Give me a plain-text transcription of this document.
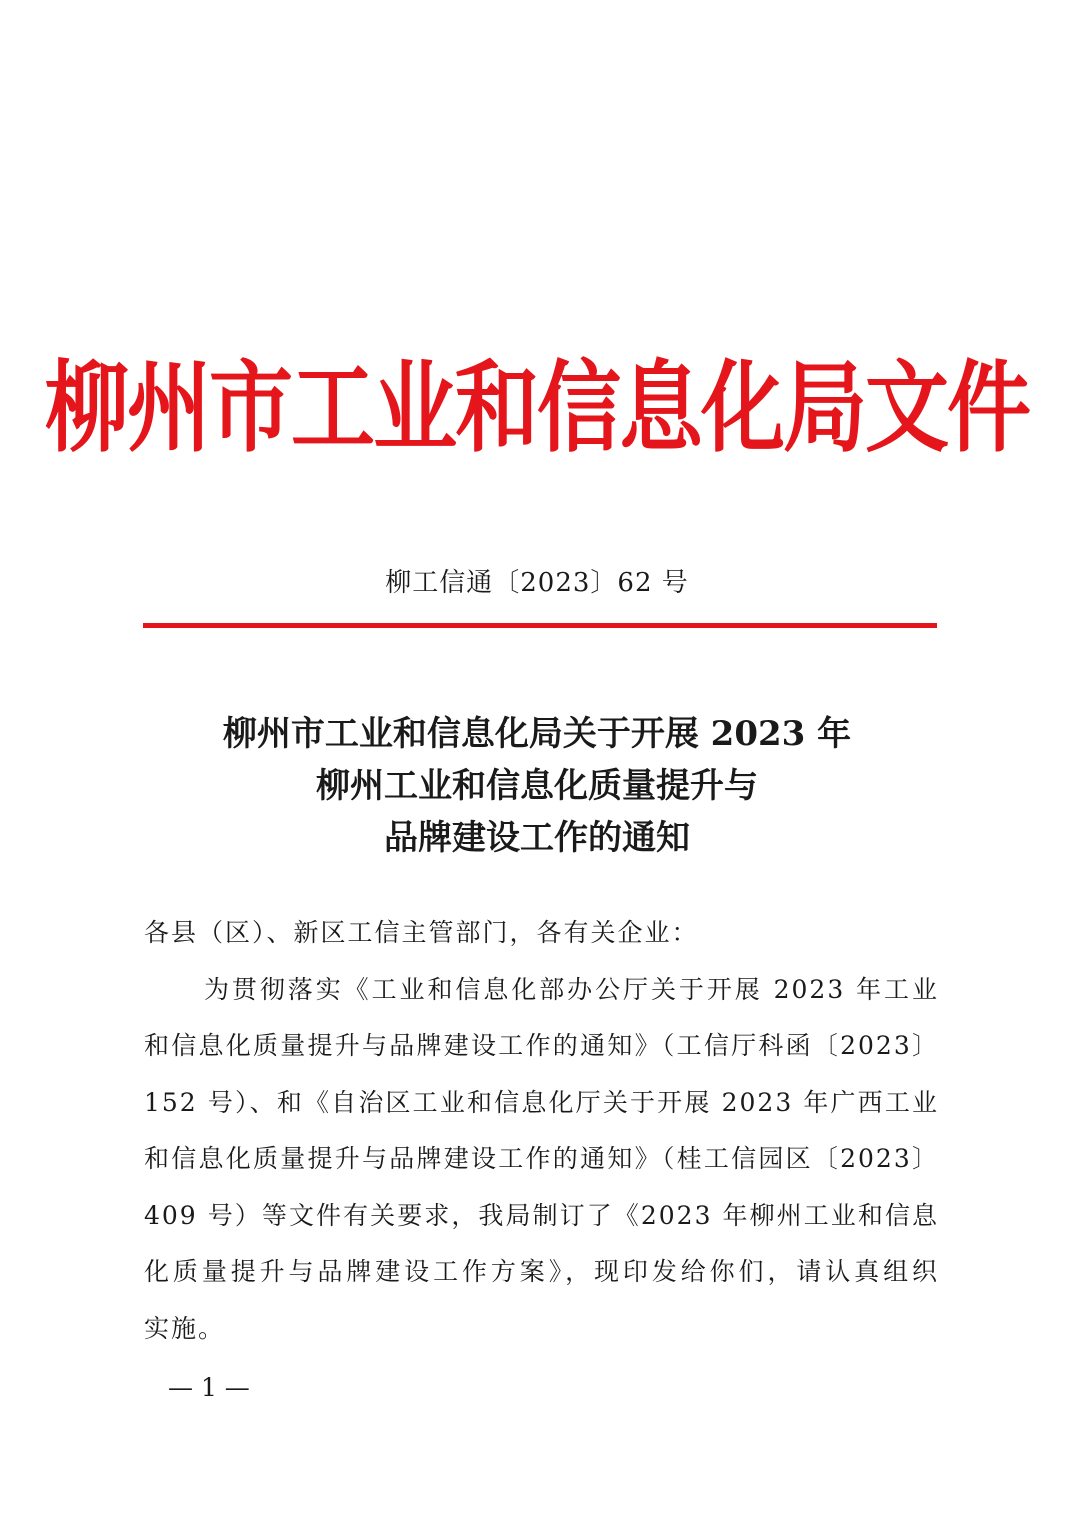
柳州市工业和信息化局文件
柳工信通〔2023〕62 号
柳州市工业和信息化局关于开展 2023 年
柳州工业和信息化质量提升与
品牌建设工作的通知
各县（区）、新区工信主管部门，各有关企业：
为贯彻落实《工业和信息化部办公厅关于开展 2023 年工业
和信息化质量提升与品牌建设工作的通知》（工信厅科函〔2023〕
152 号）、和《自治区工业和信息化厅关于开展 2023 年广西工业
和信息化质量提升与品牌建设工作的通知》（桂工信园区〔2023〕
409 号）等文件有关要求，我局制订了《2023 年柳州工业和信息
化质量提升与品牌建设工作方案》，现印发给你们，请认真组织
实施。
— 1 —
